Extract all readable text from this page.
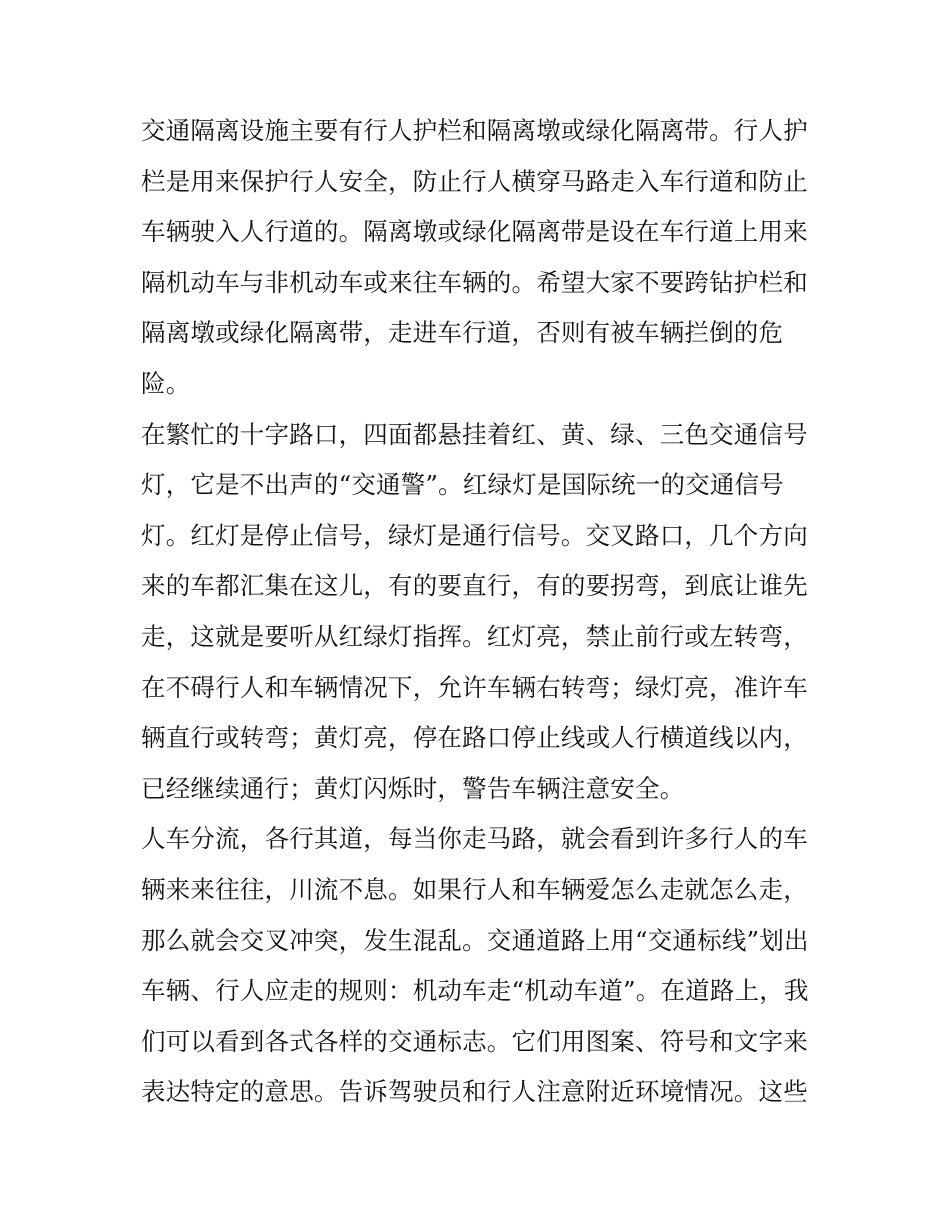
交通隔离设施主要有行人护栏和隔离墩或绿化隔离带。行人护
栏是用来保护行人安全，防止行人横穿马路走入车行道和防止
车辆驶入人行道的。隔离墩或绿化隔离带是设在车行道上用来
隔机动车与非机动车或来往车辆的。希望大家不要跨钻护栏和
隔离墩或绿化隔离带，走进车行道，否则有被车辆拦倒的危
险。
在繁忙的十字路口，四面都悬挂着红、黄、绿、三色交通信号
灯，它是不出声的“交通警”。红绿灯是国际统一的交通信号
灯。红灯是停止信号，绿灯是通行信号。交叉路口，几个方向
来的车都汇集在这儿，有的要直行，有的要拐弯，到底让谁先
走，这就是要听从红绿灯指挥。红灯亮，禁止前行或左转弯，
在不碍行人和车辆情况下，允许车辆右转弯；绿灯亮，准许车
辆直行或转弯；黄灯亮，停在路口停止线或人行横道线以内，
已经继续通行；黄灯闪烁时，警告车辆注意安全。
人车分流，各行其道，每当你走马路，就会看到许多行人的车
辆来来往往，川流不息。如果行人和车辆爱怎么走就怎么走，
那么就会交叉冲突，发生混乱。交通道路上用“交通标线”划出
车辆、行人应走的规则：机动车走“机动车道”。在道路上，我
们可以看到各式各样的交通标志。它们用图案、符号和文字来
表达特定的意思。告诉驾驶员和行人注意附近环境情况。这些
